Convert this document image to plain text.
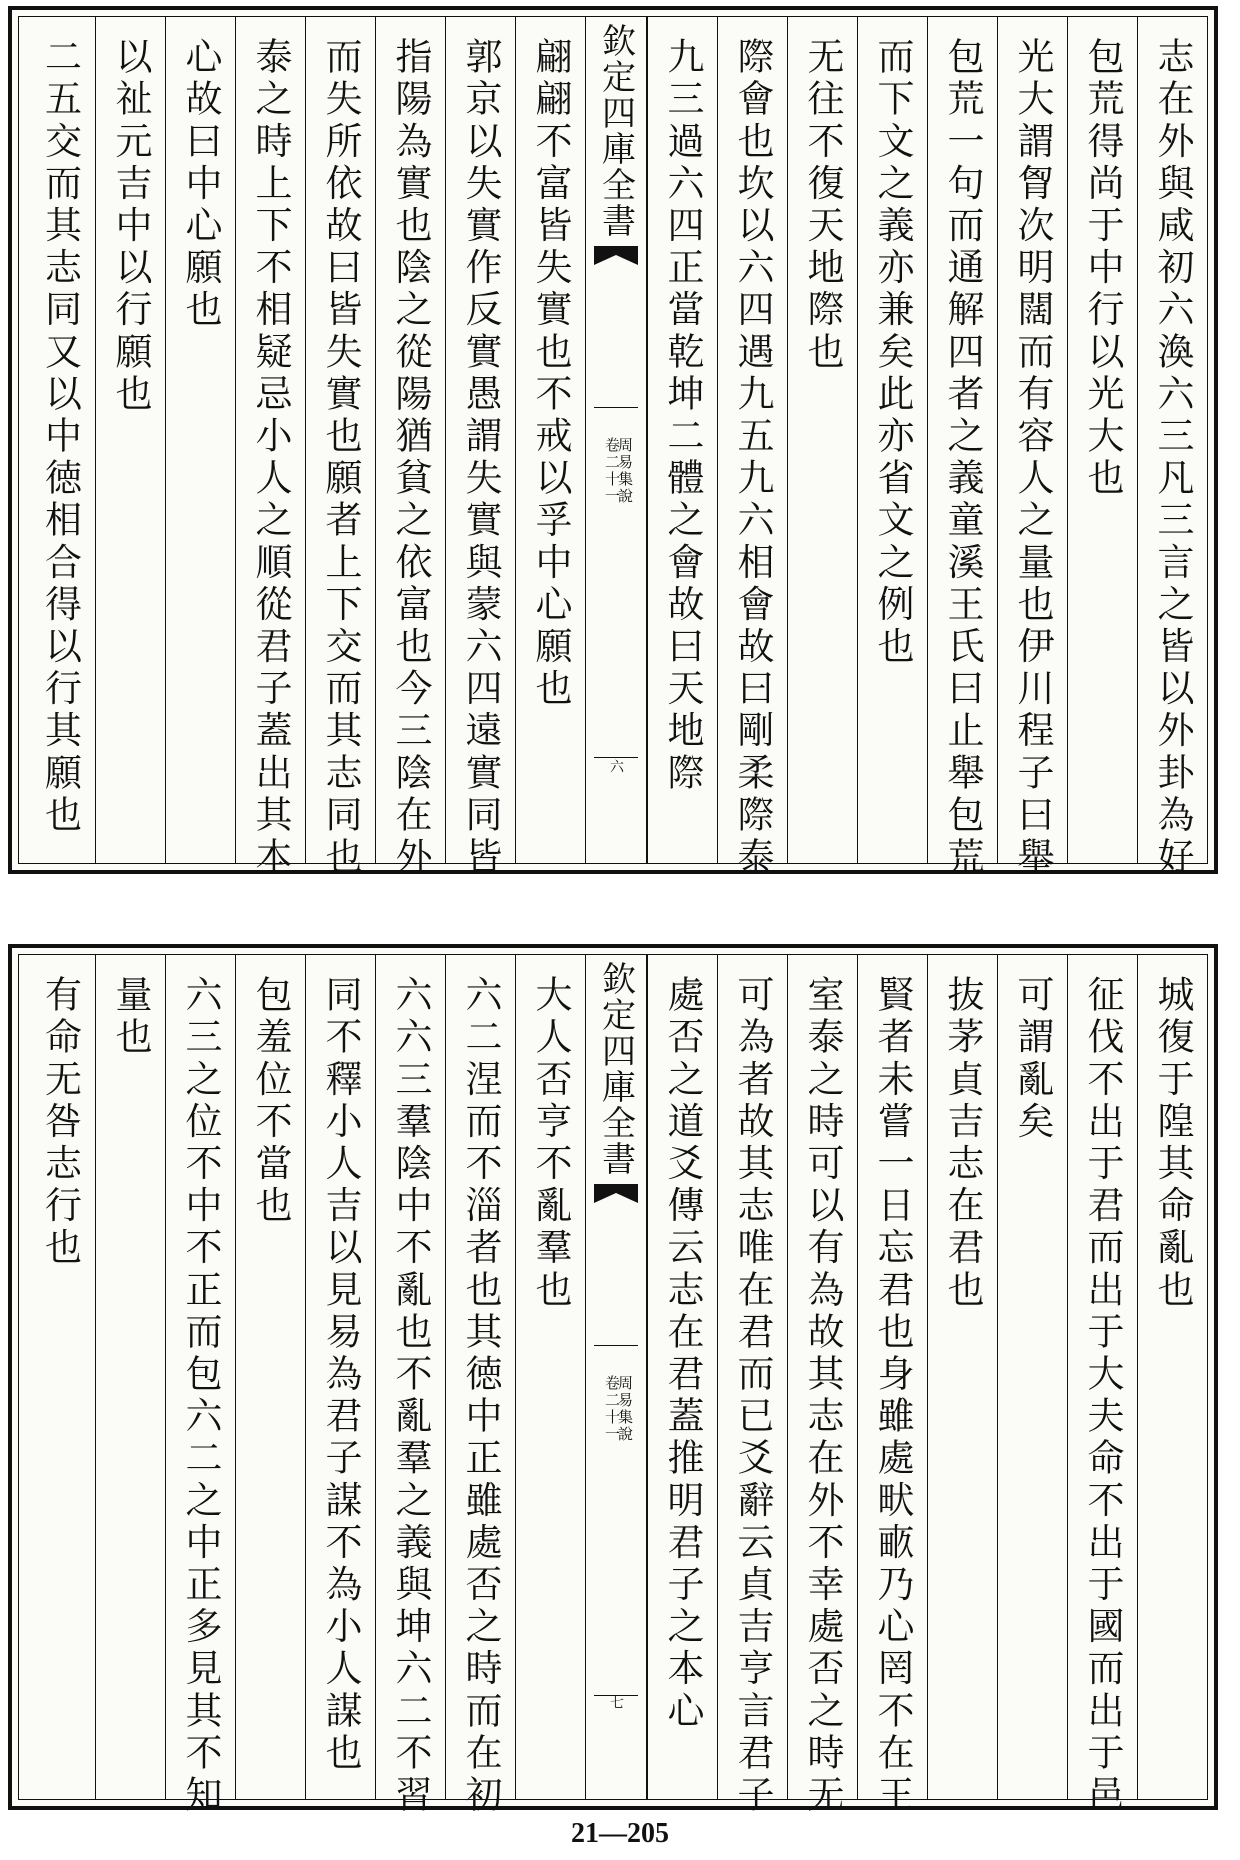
志在外與咸初六渙六三凡三言之皆以外卦為好
包荒得尚于中行以光大也
光大謂胷次明闊而有容人之量也伊川程子曰舉
包荒一句而通解四者之義童溪王氏曰止舉包荒
而下文之義亦兼矣此亦省文之例也
无往不復天地際也
際會也坎以六四遇九五九六相會故曰剛柔際泰
九三過六四正當乾坤二體之會故曰天地際
欽定四庫全書
周易集說
卷二十一
六
翩翩不富皆失實也不戒以孚中心願也
郭京以失實作反實愚謂失實與蒙六四遠實同皆
指陽為實也陰之從陽猶貧之依富也今三陰在外
而失所依故曰皆失實也願者上下交而其志同也
泰之時上下不相疑忌小人之順從君子蓋出其本
心故曰中心願也
以祉元吉中以行願也
二五交而其志同又以中徳相合得以行其願也
城復于隍其命亂也
征伐不出于君而出于大夫命不出于國而出于邑
可謂亂矣
抜茅貞吉志在君也
賢者未嘗一日忘君也身雖處畎畞乃心罔不在王
室泰之時可以有為故其志在外不幸處否之時无
可為者故其志唯在君而已爻辭云貞吉亨言君子
處否之道爻傳云志在君蓋推明君子之本心
欽定四庫全書
周易集說
卷二十一
七
大人否亨不亂羣也
六二涅而不淄者也其徳中正雖處否之時而在初
六六三羣陰中不亂也不亂羣之義與坤六二不習
同不釋小人吉以見易為君子謀不為小人謀也
包羞位不當也
六三之位不中不正而包六二之中正多見其不知
量也
有命无咎志行也
21—205
